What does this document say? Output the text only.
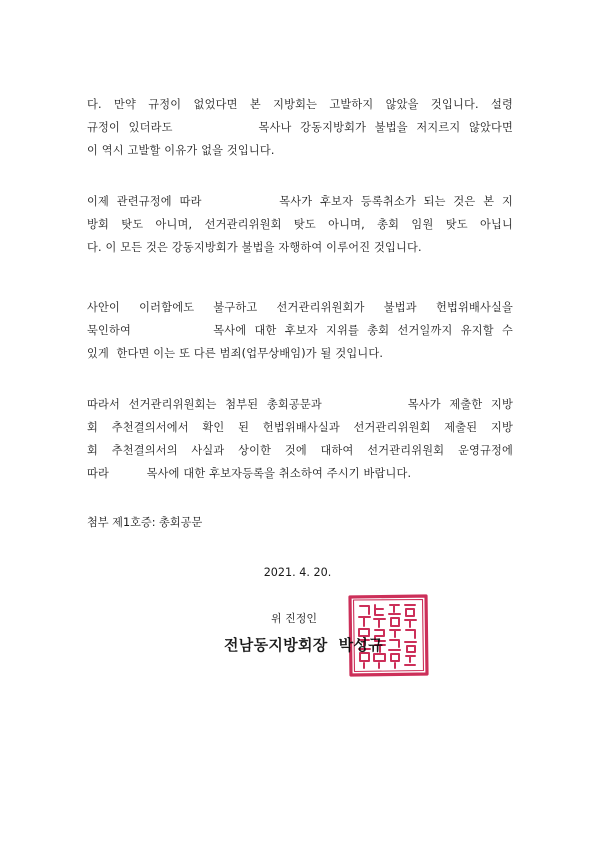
다. 만약 규정이 없었다면 본 지방회는 고발하지 않았을 것입니다. 설령
규정이 있더라도          목사나 강동지방회가 불법을 저지르지 않았다면
이 역시 고발할 이유가 없을 것입니다.
이제 관련규정에 따라          목사가 후보자 등록취소가 되는 것은 본 지
방회 탓도 아니며, 선거관리위원회 탓도 아니며, 총회 임원 탓도 아닙니
다. 이 모든 것은 강동지방회가 불법을 자행하여 이루어진 것입니다.
사안이 이러함에도 불구하고 선거관리위원회가 불법과 헌법위배사실을
묵인하여          목사에 대한 후보자 지위를 총회 선거일까지 유지할 수
있게  한다면 이는 또 다른 범죄(업무상배임)가 될 것입니다.
따라서 선거관리위원회는 첨부된 총회공문과          목사가 제출한 지방
회 추천결의서에서 확인 된 헌법위배사실과 선거관리위원회 제출된 지방
회 추천결의서의 사실과 상이한 것에 대하여 선거관리위원회 운영규정에
따라          목사에 대한 후보자등록을 취소하여 주시기 바랍니다.
첨부 제1호증: 총회공문
2021. 4. 20.
위 진정인
전남동지방회장  박성규
